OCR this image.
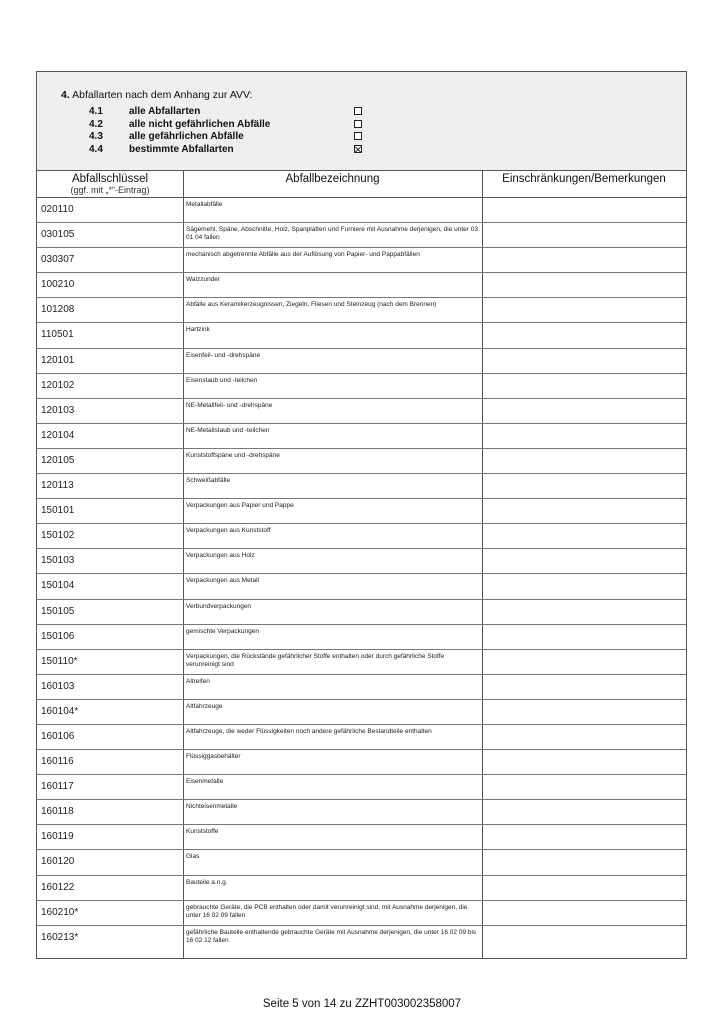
4. Abfallarten nach dem Anhang zur AVV:
4.1	alle Abfallarten
4.2	alle nicht gefährlichen Abfälle
4.3	alle gefährlichen Abfälle
4.4	bestimmte Abfallarten
Abfallschlüssel
(ggf. mit „*“-Eintrag)
Abfallbezeichnung	Einschränkungen/Bemerkungen
020110	Metallabfälle
030105	Sägemehl, Späne, Abschnitte, Holz, Spanplatten und Furniere mit Ausnahme derjenigen, die unter 03 01 04 fallen
030307	mechanisch abgetrennte Abfälle aus der Auflösung von Papier- und Pappabfällen
100210	Walzzunder
101208	Abfälle aus Keramikerzeugnissen, Ziegeln, Fliesen und Steinzeug (nach dem Brennen)
110501	Hartzink
120101	Eisenfeil- und -drehspäne
120102	Eisenstaub und -teilchen
120103	NE-Metallfeil- und -drehspäne
120104	NE-Metallstaub und -teilchen
120105	Kunststoffspäne und -drehspäne
120113	Schweißabfälle
150101	Verpackungen aus Papier und Pappe
150102	Verpackungen aus Kunststoff
150103	Verpackungen aus Holz
150104	Verpackungen aus Metall
150105	Verbundverpackungen
150106	gemischte Verpackungen
150110*	Verpackungen, die Rückstände gefährlicher Stoffe enthalten oder durch gefährliche Stoffe verunreinigt sind
160103	Altreifen
160104*	Altfahrzeuge
160106	Altfahrzeuge, die weder Flüssigkeiten noch andere gefährliche Bestandteile enthalten
160116	Flüssiggasbehälter
160117	Eisenmetalle
160118	Nichteisenmetalle
160119	Kunststoffe
160120	Glas
160122	Bauteile a.n.g.
160210*	gebrauchte Geräte, die PCB enthalten oder damit verunreinigt sind, mit Ausnahme derjenigen, die unter 16 02 09 fallen
160213*	gefährliche Bauteile enthaltende gebrauchte Geräte mit Ausnahme derjenigen, die unter 16 02 09 bis 16 02 12 fallen
Seite 5 von 14 zu ZZHT003002358007
